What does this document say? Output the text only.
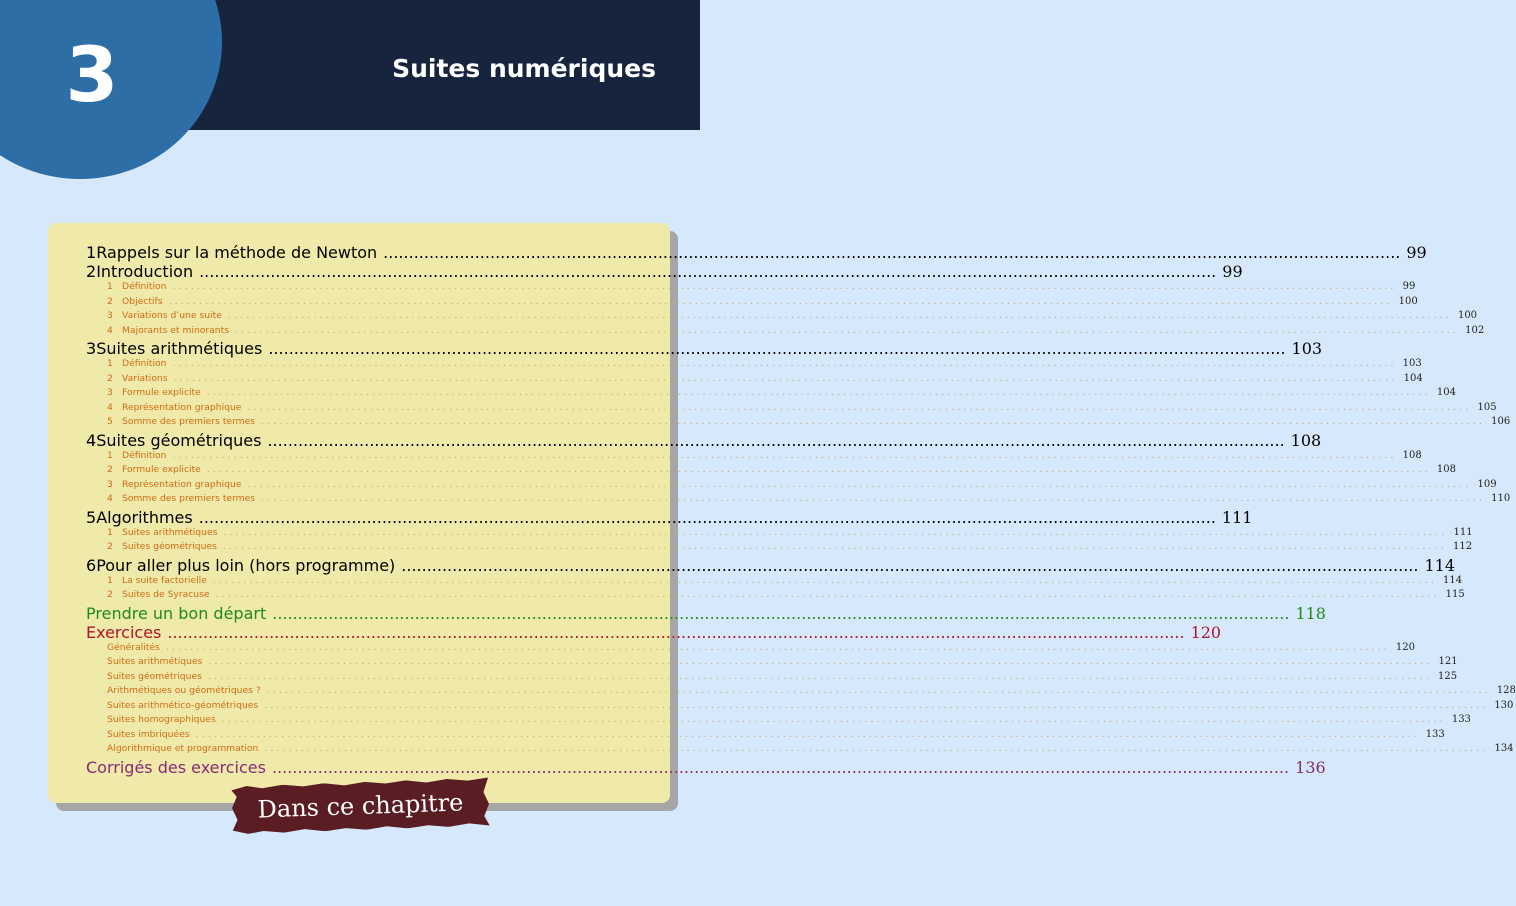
3	Suites numériques
1 Rappels sur la méthode de Newton ........................................................................................................................................................................................................ 99
2 Introduction ........................................................................................................................................................................................................ 99
1 Définition ........................................................................................................................................................................................................ 99
2 Objectifs ........................................................................................................................................................................................................ 100
3 Variations d’une suite ........................................................................................................................................................................................................ 100
4 Majorants et minorants ........................................................................................................................................................................................................ 102
3 Suites arithmétiques ........................................................................................................................................................................................................ 103
1 Définition ........................................................................................................................................................................................................ 103
2 Variations ........................................................................................................................................................................................................ 104
3 Formule explicite ........................................................................................................................................................................................................ 104
4 Représentation graphique ........................................................................................................................................................................................................ 105
5 Somme des premiers termes ........................................................................................................................................................................................................ 106
4 Suites géométriques ........................................................................................................................................................................................................ 108
1 Définition ........................................................................................................................................................................................................ 108
2 Formule explicite ........................................................................................................................................................................................................ 108
3 Représentation graphique ........................................................................................................................................................................................................ 109
4 Somme des premiers termes ........................................................................................................................................................................................................ 110
5 Algorithmes ........................................................................................................................................................................................................ 111
1 Suites arithmétiques ........................................................................................................................................................................................................ 111
2 Suites géométriques ........................................................................................................................................................................................................ 112
6 Pour aller plus loin (hors programme) ........................................................................................................................................................................................................ 114
1 La suite factorielle ........................................................................................................................................................................................................ 114
2 Suites de Syracuse ........................................................................................................................................................................................................ 115
Prendre un bon départ ........................................................................................................................................................................................................ 118
Exercices ........................................................................................................................................................................................................ 120
Généralités ........................................................................................................................................................................................................ 120
Suites arithmétiques ........................................................................................................................................................................................................ 121
Suites géométriques ........................................................................................................................................................................................................ 125
Arithmétiques ou géométriques ? ........................................................................................................................................................................................................ 128
Suites arithmético-géométriques ........................................................................................................................................................................................................ 130
Suites homographiques ........................................................................................................................................................................................................ 133
Suites imbriquées ........................................................................................................................................................................................................ 133
Algorithmique et programmation ........................................................................................................................................................................................................ 134
Corrigés des exercices ........................................................................................................................................................................................................ 136
Dans ce chapitre
